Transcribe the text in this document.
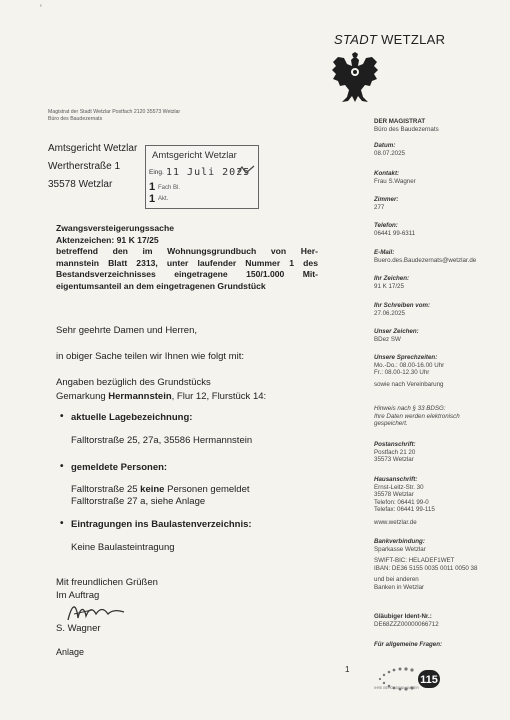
'
STADT WETZLAR
Magistrat der Stadt Wetzlar Postfach 2120 35573 Wetzlar
Büro des Baudezernats
Amtsgericht Wetzlar
Wertherstraße 1
35578 Wetzlar
Amtsgericht Wetzlar
Eing. 11 Juli 2025
1 Fach Bl.
1 Akt.
Zwangsversteigerungssache
Aktenzeichen: 91 K 17/25
betreffend den im Wohnungsgrundbuch von Her-
mannstein Blatt 2313, unter laufender Nummer 1 des
Bestandsverzeichnisses eingetragene 150/1.000 Mit-
eigentumsanteil an dem eingetragenen Grundstück
Sehr geehrte Damen und Herren,
in obiger Sache teilen wir Ihnen wie folgt mit:
Angaben bezüglich des Grundstücks
Gemarkung Hermannstein, Flur 12, Flurstück 14:
• aktuelle Lagebezeichnung:
Falltorstraße 25, 27a, 35586 Hermannstein
• gemeldete Personen:
Falltorstraße 25 keine Personen gemeldet
Falltorstraße 27 a, siehe Anlage
• Eintragungen ins Baulastenverzeichnis:
Keine Baulasteintragung
Mit freundlichen Grüßen
Im Auftrag
S. Wagner
Anlage
DER MAGISTRAT
Büro des Baudezernats
Datum:
08.07.2025
Kontakt:
Frau S.Wagner
Zimmer:
277
Telefon:
06441 99-6311
E-Mail:
Buero.des.Baudezernats@wetzlar.de
Ihr Zeichen:
91 K 17/25
Ihr Schreiben vom:
27.06.2025
Unser Zeichen:
BDez SW
Unsere Sprechzeiten:
Mo.-Do.: 08.00-16.00 Uhr
Fr.: 08.00-12.30 Uhr
sowie nach Vereinbarung
Hinweis nach § 33 BDSG:
Ihre Daten werden elektronisch
gespeichert.
Postanschrift:
Postfach 21 20
35573 Wetzlar
Hausanschrift:
Ernst-Leitz-Str. 30
35578 Wetzlar
Telefon: 06441 99-0
Telefax: 06441 99-115
www.wetzlar.de
Bankverbindung:
Sparkasse Wetzlar
SWIFT-BIC: HELADEF1WET
IBAN: DE36 5155 0035 0011 0050 38
und bei anderen
Banken in Wetzlar
Gläubiger Ident-Nr.:
DE68ZZZ00000066712
Für allgemeine Fragen:
1
115
IHRE BEHÖRDENNUMMER
